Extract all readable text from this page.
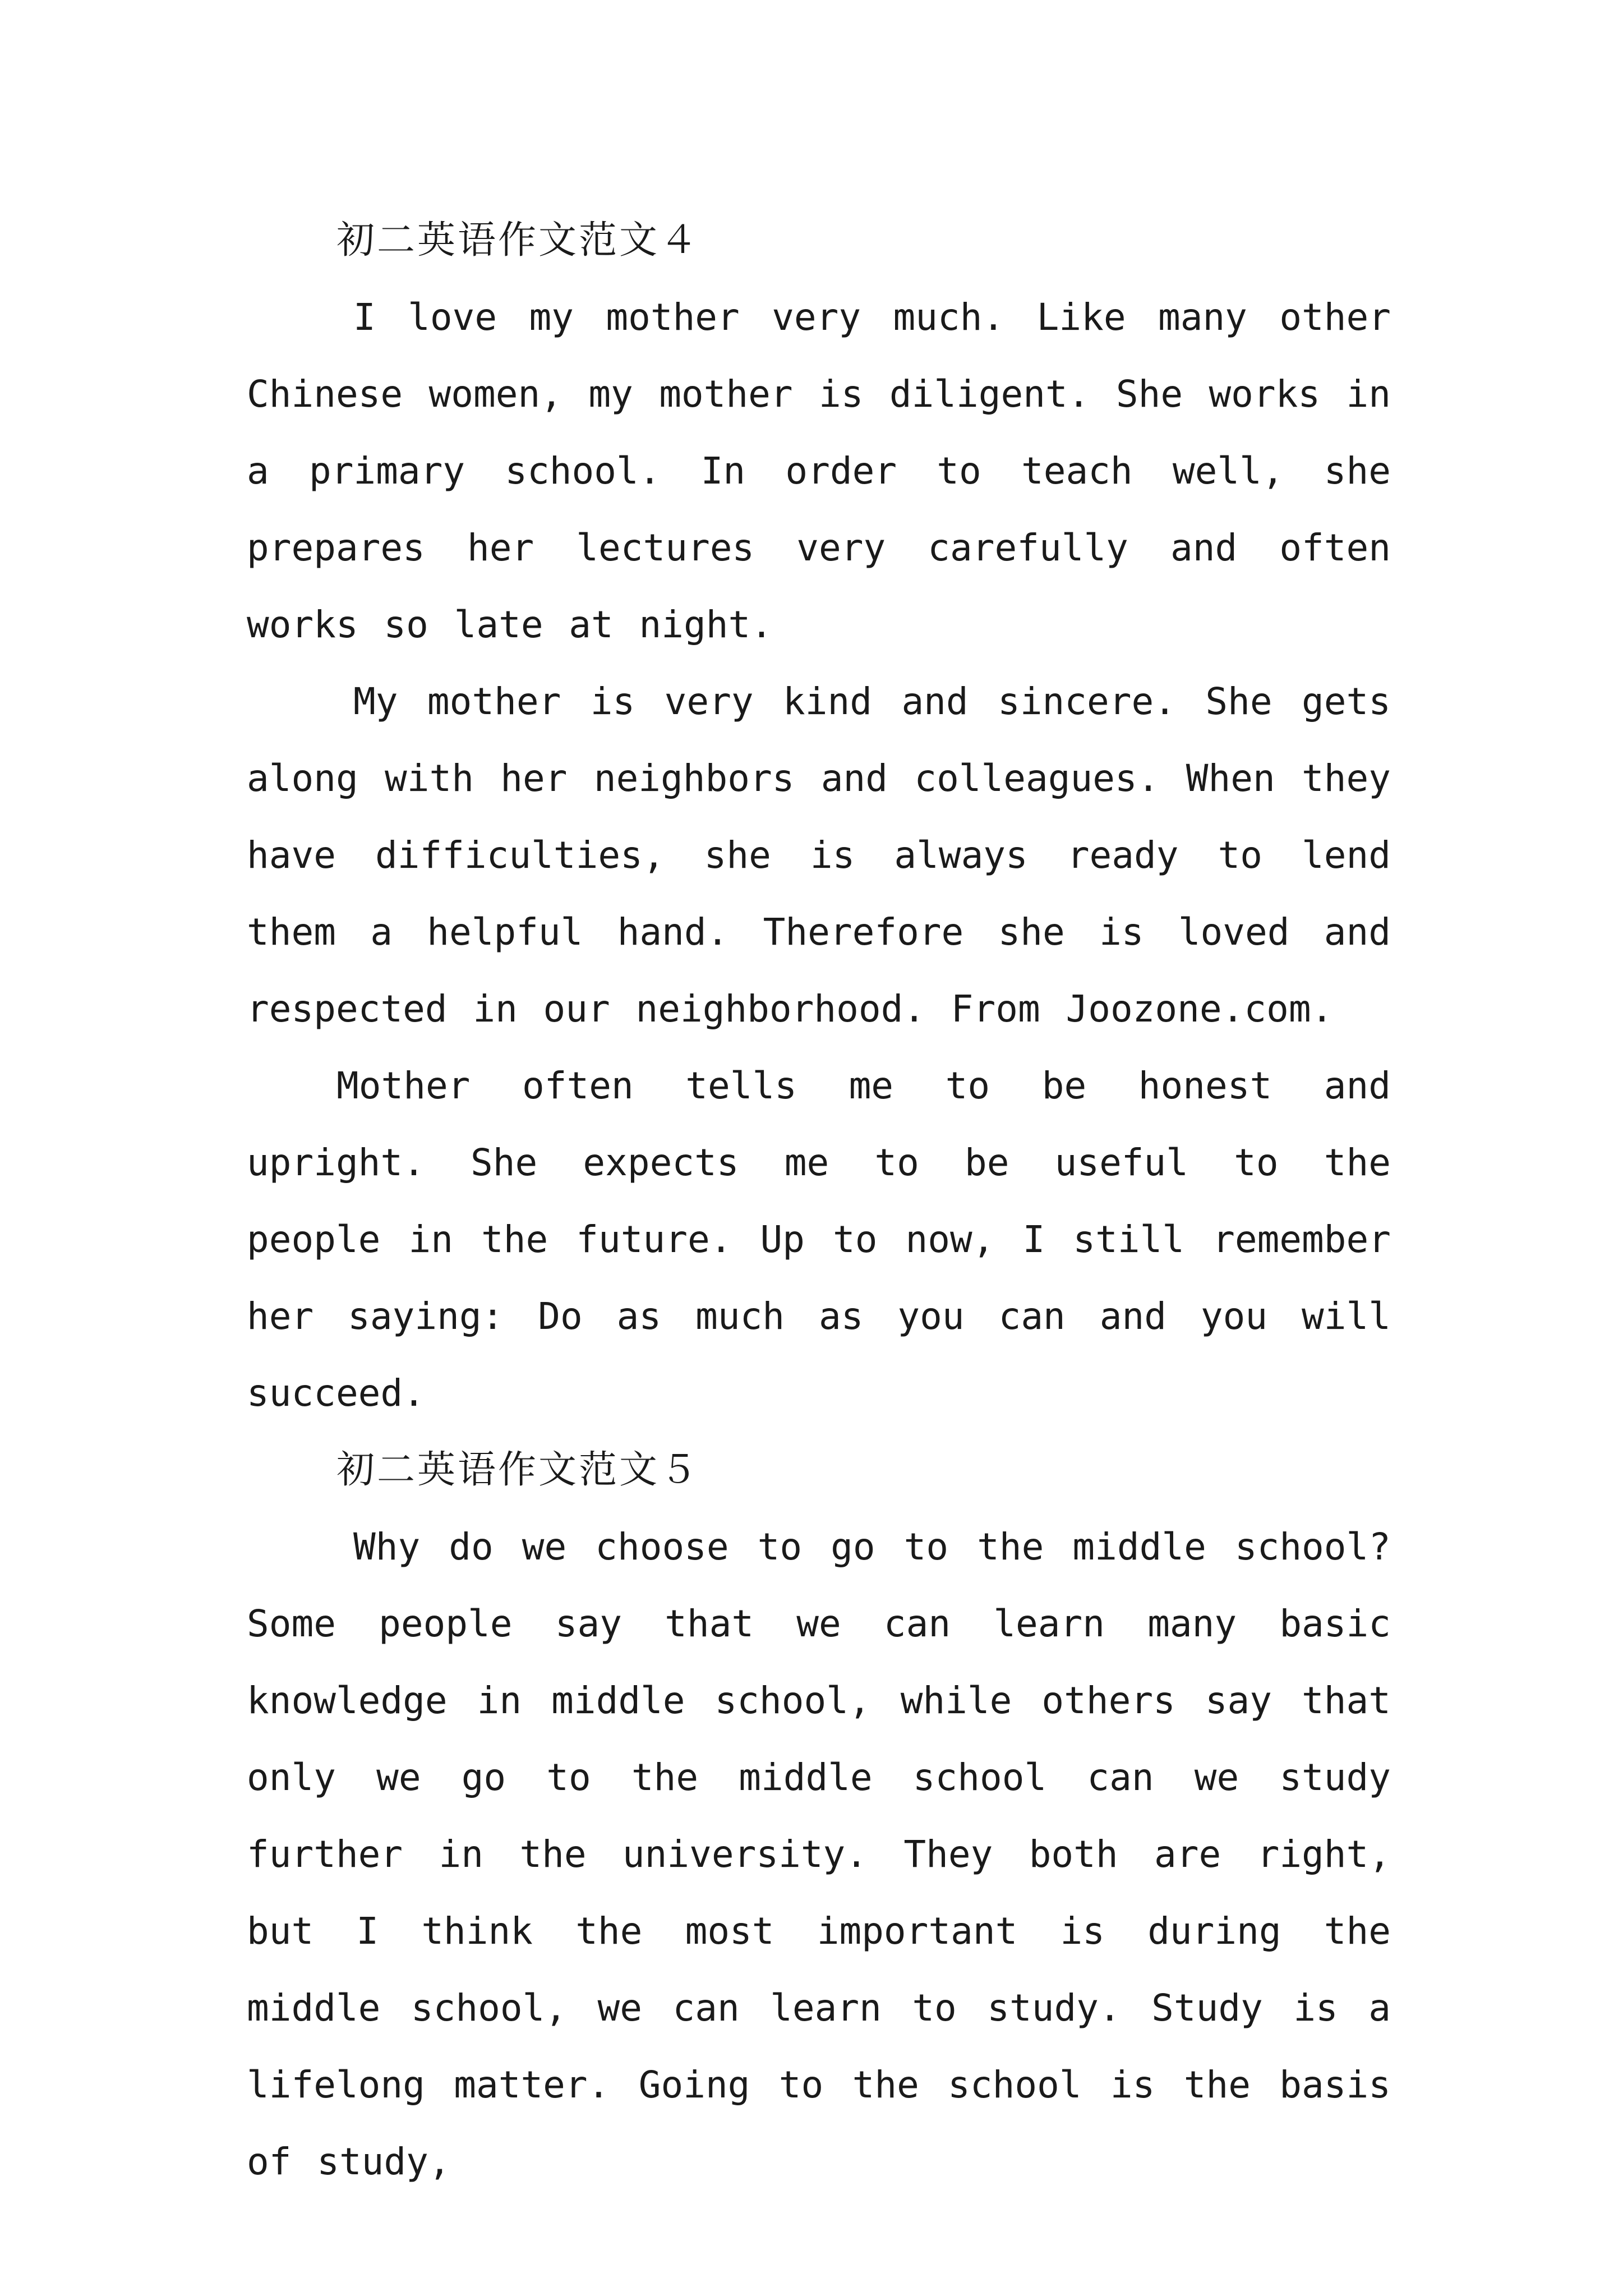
初二英语作文范文４

I love my mother very much. Like many other Chinese women, my mother is diligent. She works in a primary school. In order to teach well, she prepares her lectures very carefully and often works so late at night.

My mother is very kind and sincere. She gets along with her neighbors and colleagues. When they have difficulties, she is always ready to lend them a helpful hand. Therefore she is loved and respected in our neighborhood. From Joozone.com.

Mother often tells me to be honest and upright. She expects me to be useful to the people in the future. Up to now, I still remember her saying: Do as much as you can and you will succeed.

初二英语作文范文５

Why do we choose to go to the middle school? Some people say that we can learn many basic knowledge in middle school, while others say that only we go to the middle school can we study further in the university. They both are right, but I think the most important is during the middle school, we can learn to study. Study is a lifelong matter. Going to the school is the basis of study,
